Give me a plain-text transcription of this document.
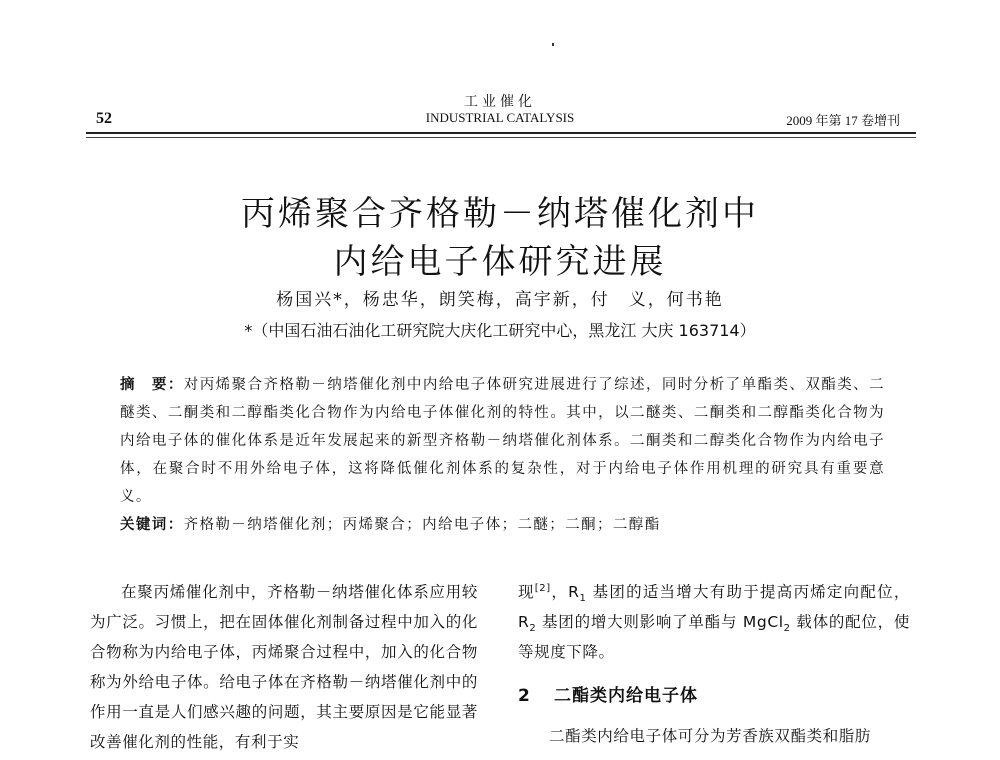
52
工业催化
INDUSTRIAL CATALYSIS	2009 年第 17 卷增刊
丙烯聚合齐格勒－纳塔催化剂中
内给电子体研究进展
杨国兴*，杨忠华，朗笑梅，高宇新，付　义，何书艳
*（中国石油石油化工研究院大庆化工研究中心，黑龙江 大庆 163714）
摘　要：对丙烯聚合齐格勒－纳塔催化剂中内给电子体研究进展进行了综述，同时分析了单酯类、双酯类、二醚类、二酮类和二醇酯类化合物作为内给电子体催化剂的特性。其中，以二醚类、二酮类和二醇酯类化合物为内给电子体的催化体系是近年发展起来的新型齐格勒－纳塔催化剂体系。二酮类和二醇类化合物作为内给电子体，在聚合时不用外给电子体，这将降低催化剂体系的复杂性，对于内给电子体作用机理的研究具有重要意义。
关键词：齐格勒－纳塔催化剂；丙烯聚合；内给电子体；二醚；二酮；二醇酯
在聚丙烯催化剂中，齐格勒－纳塔催化体系应用较为广泛。习惯上，把在固体催化剂制备过程中加入的化合物称为内给电子体，丙烯聚合过程中，加入的化合物称为外给电子体。给电子体在齐格勒－纳塔催化剂中的作用一直是人们感兴趣的问题，其主要原因是它能显著改善催化剂的性能，有利于实
现[2]，$R_1$ 基团的适当增大有助于提高丙烯定向配位，$R_2$ 基团的增大则影响了单酯与 MgCl$_2$ 载体的配位，使等规度下降。
2 二酯类内给电子体
二酯类内给电子体可分为芳香族双酯类和脂肪
